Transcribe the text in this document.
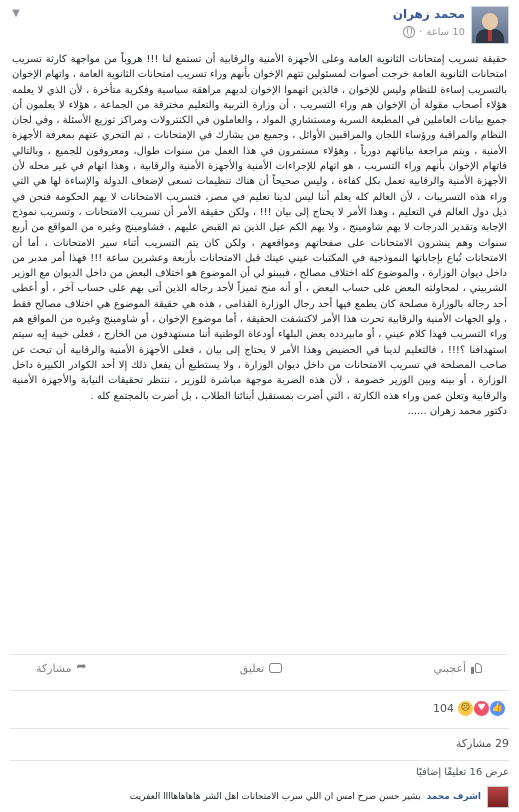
محمد زهران
10 ساعة
·
▼

حقيقة تسريب إمتحانات الثانوية العامة وعلى الأجهزة الأمنية والرقابية أن تستمع لنا !!! هروباً من مواجهة كارثة تسريب امتحانات الثانوية العامة خرجت أصوات لمسئولين تتهم الإخوان بأنهم وراء تسريب امتحانات الثانوية العامة ، واتهام الإخوان بالتسريب إساءة للنظام وليس للإخوان ، فالذين اتهموا الإخوان لديهم مراهقة سياسية وفكرية متأخرة ، لأن الذي لا يعلمه هؤلاء أصحاب مقولة أن الإخوان هم وراء التسريب ، أن وزارة التربية والتعليم مخترقة من الجماعة ، هؤلاء لا يعلمون أن جميع بيانات العاملين في المطبعة السرية ومستشاري المواد ، والعاملون في الكنترولات ومراكز توزيع الأسئلة ، وفي لجان النظام والمراقبة ورؤساء اللجان والمراقبين الأوائل ، وجميع من يشارك في الإمتحانات ، تم التحري عنهم بمعرفة الأجهزة الأمنية ، ويتم مراجعة بياناتهم دورياً ، وهؤلاء مستمرون في هذا العمل من سنوات طوال، ومعروفون للجميع ، وبالتالي فاتهام الإخوان بأنهم وراء التسريب ، هو اتهام للإجراءات الأمنية والأجهزة الأمنية والرقابية ، وهذا اتهام في غير محله لأن الأجهزة الأمنية والرقابية تعمل بكل كفاءة ، وليس صحيحاً أن هناك تنظيمات تسعى لإضعاف الدولة والإساءة لها هي التي وراء هذه التسريبات ، لأن العالم كله يعلم أننا ليس لدينا تعليم في مصر، فتسريب الامتحانات لا يهم الحكومة فنحن في ذيل دول العالم في التعليم ، وهذا الأمر لا يحتاج إلى بيان !!! ، ولكن حقيقة الأمر أن تسريب الامتحانات ، وتسريب نموذج الإجابة وتقدير الدرجات لا يهم شاومينج ، ولا يهم الكم عيل الذين تم القبض عليهم ، فشاومينج وغيره من المواقع من أربع سنوات وهم ينشرون الامتحانات على صفحاتهم ومواقعهم ، ولكن كان يتم التسريب أثناء سير الامتحانات ، أما أن الامتحانات تُباع بإجاباتها النموذجية في المكتبات عيني عينك قبل الامتحانات بأربعة وعشرين ساعة !!! فهذا أمر مدبر من داخل ديوان الوزارة ، والموضوع كله اختلاف مصالح ، فبيبنو لي أن الموضوع هو اختلاف البعض من داخل الديوان مع الوزير الشربيني ، لمحاولته البعض على حساب البعض ، أو أنه منح تميزاً لأحد رجاله الذين أتى بهم على حساب آخر ، أو أعطى أحد رجاله بالوزارة مصلحة كان يطمع فيها أحد رجال الوزارة القدامى ، هذه هي حقيقة الموضوع هي اختلاف مصالح فقط ، ولو الجهات الأمنية والرقابية تحرت هذا الأمر لاكتشفت الحقيقة ، أما موضوع الإخوان ، أو شاومينج وغيره من المواقع هم وراء التسريب فهذا كلام عيني ، أو مابيردده بعض البلهاء أودعاة الوطنية أننا مستهدفون من الخارج ، فعلى خيبة إيه سيتم استهدافنا ؟!!! ، فالتعليم لدينا في الحضيض وهذا الأمر لا يحتاج إلى بيان ، فعلى الأجهزة الأمنية والرقابية أن تبحث عن صاحب المصلحة في تسريب الامتحانات من داخل ديوان الوزارة ، ولا يستطيع أن يفعل ذلك إلا أحد الكوادر الكبيرة داخل الوزارة ، أو بينه وبين الوزير خصومة ، لأن هذه الضربة موجهة مباشرة للوزير ، ننتظر تحقيقات النيابة والأجهزة الأمنية والرقابية وتعلن عمن وراء هذه الكارثة ، التي أضرت بمستقبل أبنائنا الطلاب ، بل أضرت بالمجتمع كله .

دكتور محمد زهران ......

أعجبني
تعليق
➦
مشاركة
👍
♥
☹
104
29 مشاركة
عرض 16 تعليقًا إضافيًا
اشرف محمد
بشير حسن صرح امس ان اللي سرب الامتحانات اهل الشر هاهاهاهاااا العفريت
